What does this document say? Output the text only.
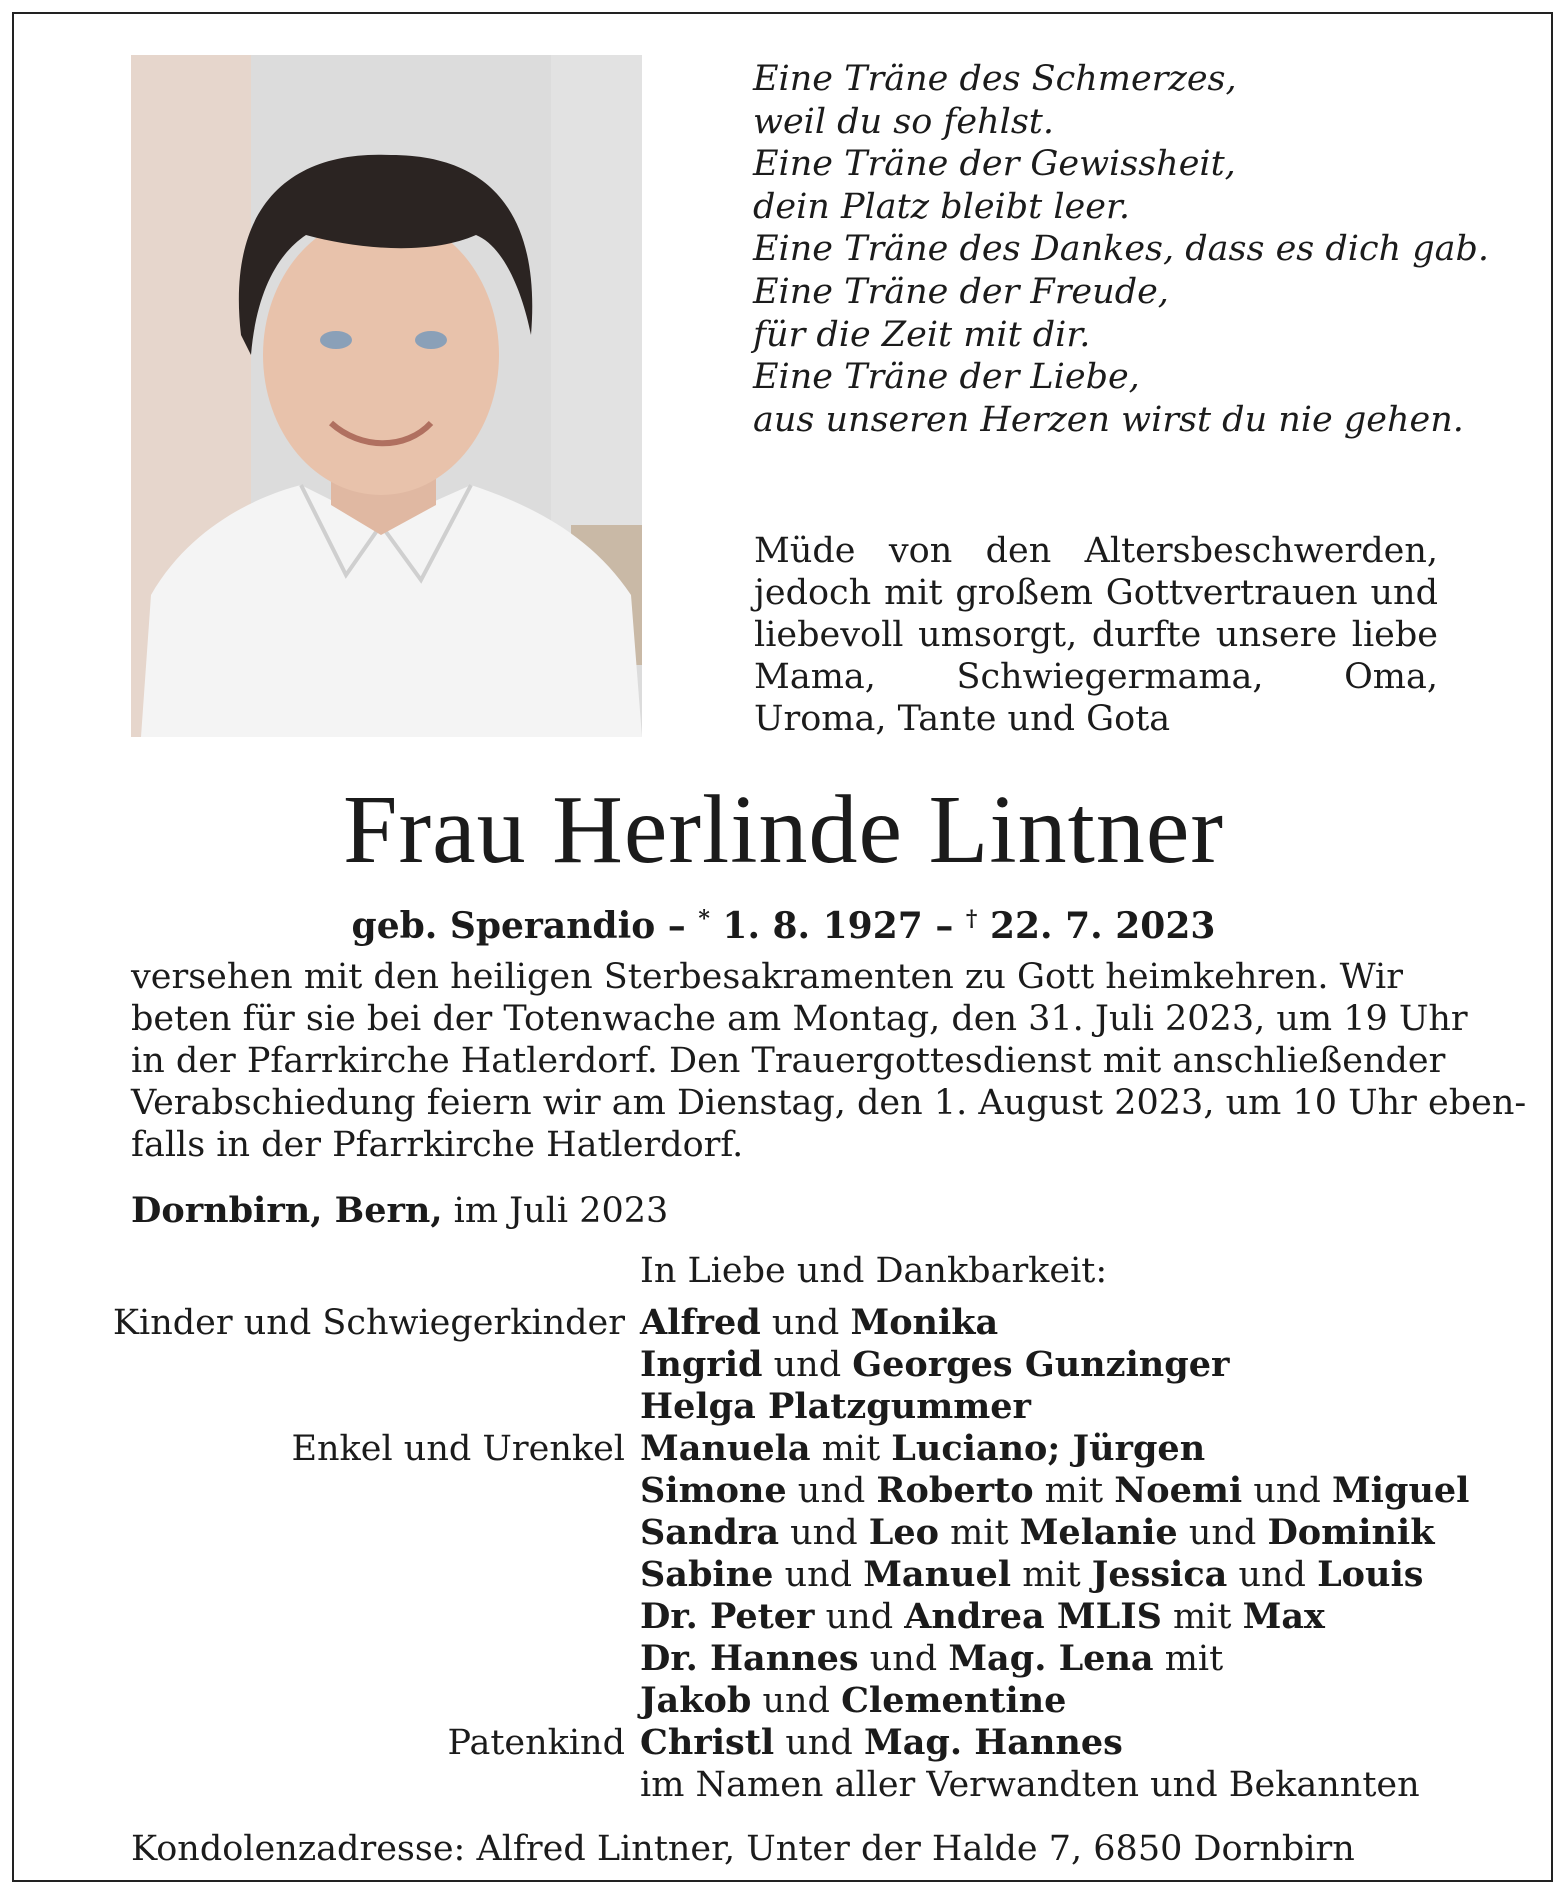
Eine Träne des Schmerzes,
weil du so fehlst.
Eine Träne der Gewissheit,
dein Platz bleibt leer.
Eine Träne des Dankes, dass es dich gab.
Eine Träne der Freude,
für die Zeit mit dir.
Eine Träne der Liebe,
aus unseren Herzen wirst du nie gehen.
Müde von den Altersbeschwerden, jedoch mit großem Gottvertrauen und liebevoll umsorgt, durfte unsere liebe Mama, Schwiegermama, Oma, Uroma, Tante und Gota
Frau Herlinde Lintner
geb. Sperandio – * 1. 8. 1927 – † 22. 7. 2023
versehen mit den heiligen Sterbesakramenten zu Gott heimkehren. Wir
beten für sie bei der Totenwache am Montag, den 31. Juli 2023, um 19 Uhr
in der Pfarrkirche Hatlerdorf. Den Trauergottesdienst mit anschließender
Verabschiedung feiern wir am Dienstag, den 1. August 2023, um 10 Uhr eben-
falls in der Pfarrkirche Hatlerdorf.
Dornbirn, Bern, im Juli 2023
In Liebe und Dankbarkeit:
Kinder und Schwiegerkinder
Enkel und Urenkel
Patenkind
Alfred und Monika
Ingrid und Georges Gunzinger
Helga Platzgummer
Manuela mit Luciano; Jürgen
Simone und Roberto mit Noemi und Miguel
Sandra und Leo mit Melanie und Dominik
Sabine und Manuel mit Jessica und Louis
Dr. Peter und Andrea MLIS mit Max
Dr. Hannes und Mag. Lena mit
Jakob und Clementine
Christl und Mag. Hannes
im Namen aller Verwandten und Bekannten
Kondolenzadresse: Alfred Lintner, Unter der Halde 7, 6850 Dornbirn
